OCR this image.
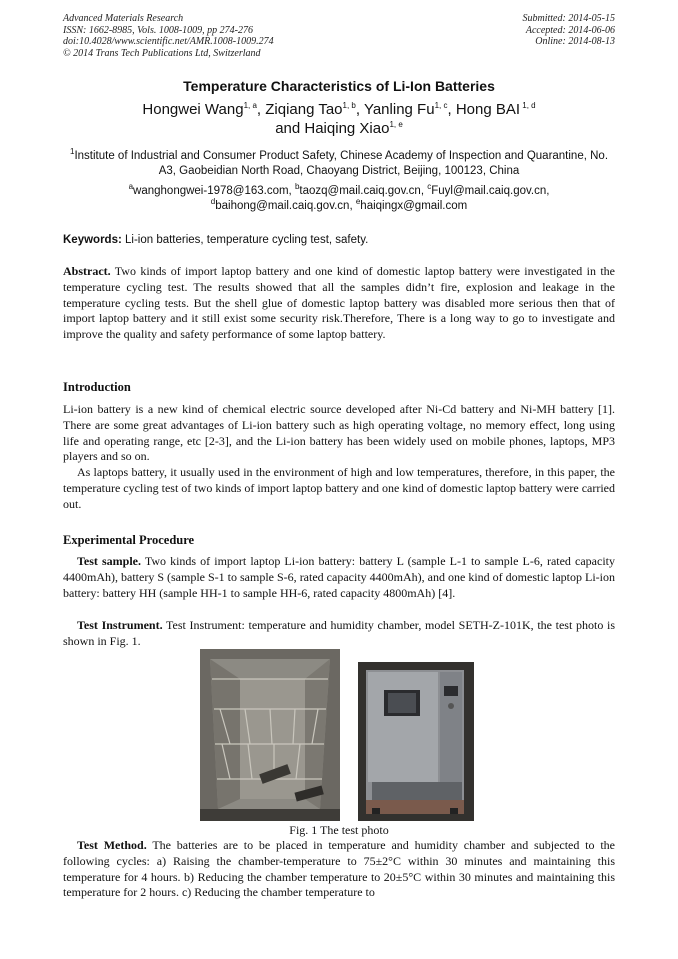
Advanced Materials Research
ISSN: 1662-8985, Vols. 1008-1009, pp 274-276
doi:10.4028/www.scientific.net/AMR.1008-1009.274
© 2014 Trans Tech Publications Ltd, Switzerland
Submitted: 2014-05-15
Accepted: 2014-06-06
Online: 2014-08-13
Temperature Characteristics of Li-Ion Batteries
Hongwei Wang$^{1, a}$, Ziqiang Tao$^{1, b}$, Yanling Fu$^{1, c}$, Hong BAI $^{1, d}$
and Haiqing Xiao$^{1, e}$
$^1$Institute of Industrial and Consumer Product Safety, Chinese Academy of Inspection and Quarantine, No. A3, Gaobeidian North Road, Chaoyang District, Beijing, 100123, China
$^a$wanghongwei-1978@163.com, $^b$taozq@mail.caiq.gov.cn, $^c$Fuyl@mail.caiq.gov.cn,
$^d$baihong@mail.caiq.gov.cn, $^e$haiqingx@gmail.com
Keywords: Li-ion batteries, temperature cycling test, safety.
Abstract. Two kinds of import laptop battery and one kind of domestic laptop battery were investigated in the temperature cycling test. The results showed that all the samples didn’t fire, explosion and leakage in the temperature cycling tests. But the shell glue of domestic laptop battery was disabled more serious then that of import laptop battery and it still exist some security risk.Therefore, There is a long way to go to investigate and improve the quality and safety performance of some laptop battery.
Introduction
Li-ion battery is a new kind of chemical electric source developed after Ni-Cd battery and Ni-MH battery [1]. There are some great advantages of Li-ion battery such as high operating voltage, no memory effect, long using life and operating range, etc [2-3], and the Li-ion battery has been widely used on mobile phones, laptops, MP3 players and so on.
As laptops battery, it usually used in the environment of high and low temperatures, therefore, in this paper, the temperature cycling test of two kinds of import laptop battery and one kind of domestic laptop battery were carried out.
Experimental Procedure
Test sample. Two kinds of import laptop Li-ion battery: battery L (sample L-1 to sample L-6, rated capacity 4400mAh), battery S (sample S-1 to sample S-6, rated capacity 4400mAh), and one kind of domestic laptop Li-ion battery: battery HH (sample HH-1 to sample HH-6, rated capacity 4800mAh) [4].
Test Instrument. Test Instrument: temperature and humidity chamber, model SETH-Z-101K, the test photo is shown in Fig. 1.
Fig. 1 The test photo
Test Method. The batteries are to be placed in temperature and humidity chamber and subjected to the following cycles: a) Raising the chamber-temperature to 75±2°C within 30 minutes and maintaining this temperature for 4 hours. b) Reducing the chamber temperature to 20±5°C within 30 minutes and maintaining this temperature for 2 hours. c) Reducing the chamber temperature to
